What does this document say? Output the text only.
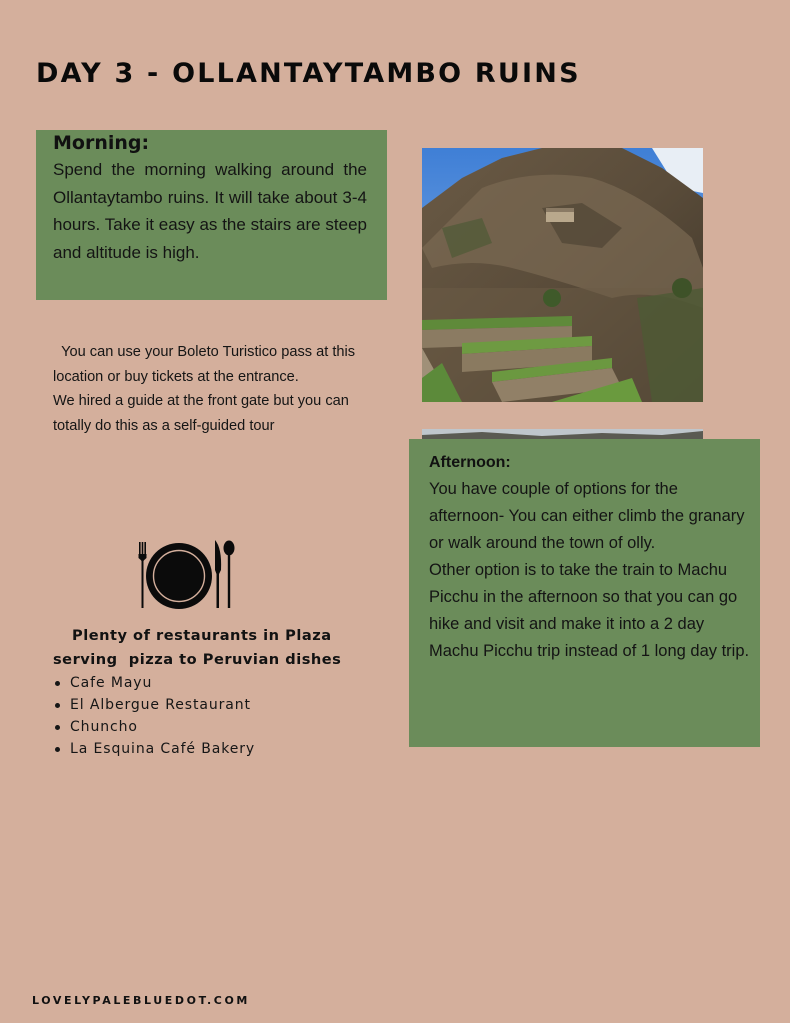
DAY 3 - OLLANTAYTAMBO RUINS
Morning:
Spend the morning walking around the Ollantaytambo ruins. It will take about 3-4 hours. Take it easy as the stairs are steep and altitude is high.

You can use your Boleto Turistico pass at this location or buy tickets at the entrance.

We hired a guide at the front gate but you can totally do this as a self-guided tour

Afternoon:

You have couple of options for the afternoon- You can either climb the granary or walk around the town of olly.

Other option is to take the train to Machu Picchu in the afternoon so that you can go hike and visit and make it into a 2 day Machu Picchu trip instead of 1 long day trip.

Plenty of restaurants in Plaza
serving  pizza to Peruvian dishes
Cafe Mayu
El Albergue Restaurant
Chuncho
La Esquina Café Bakery
LOVELYPALEBLUEDOT.COM
